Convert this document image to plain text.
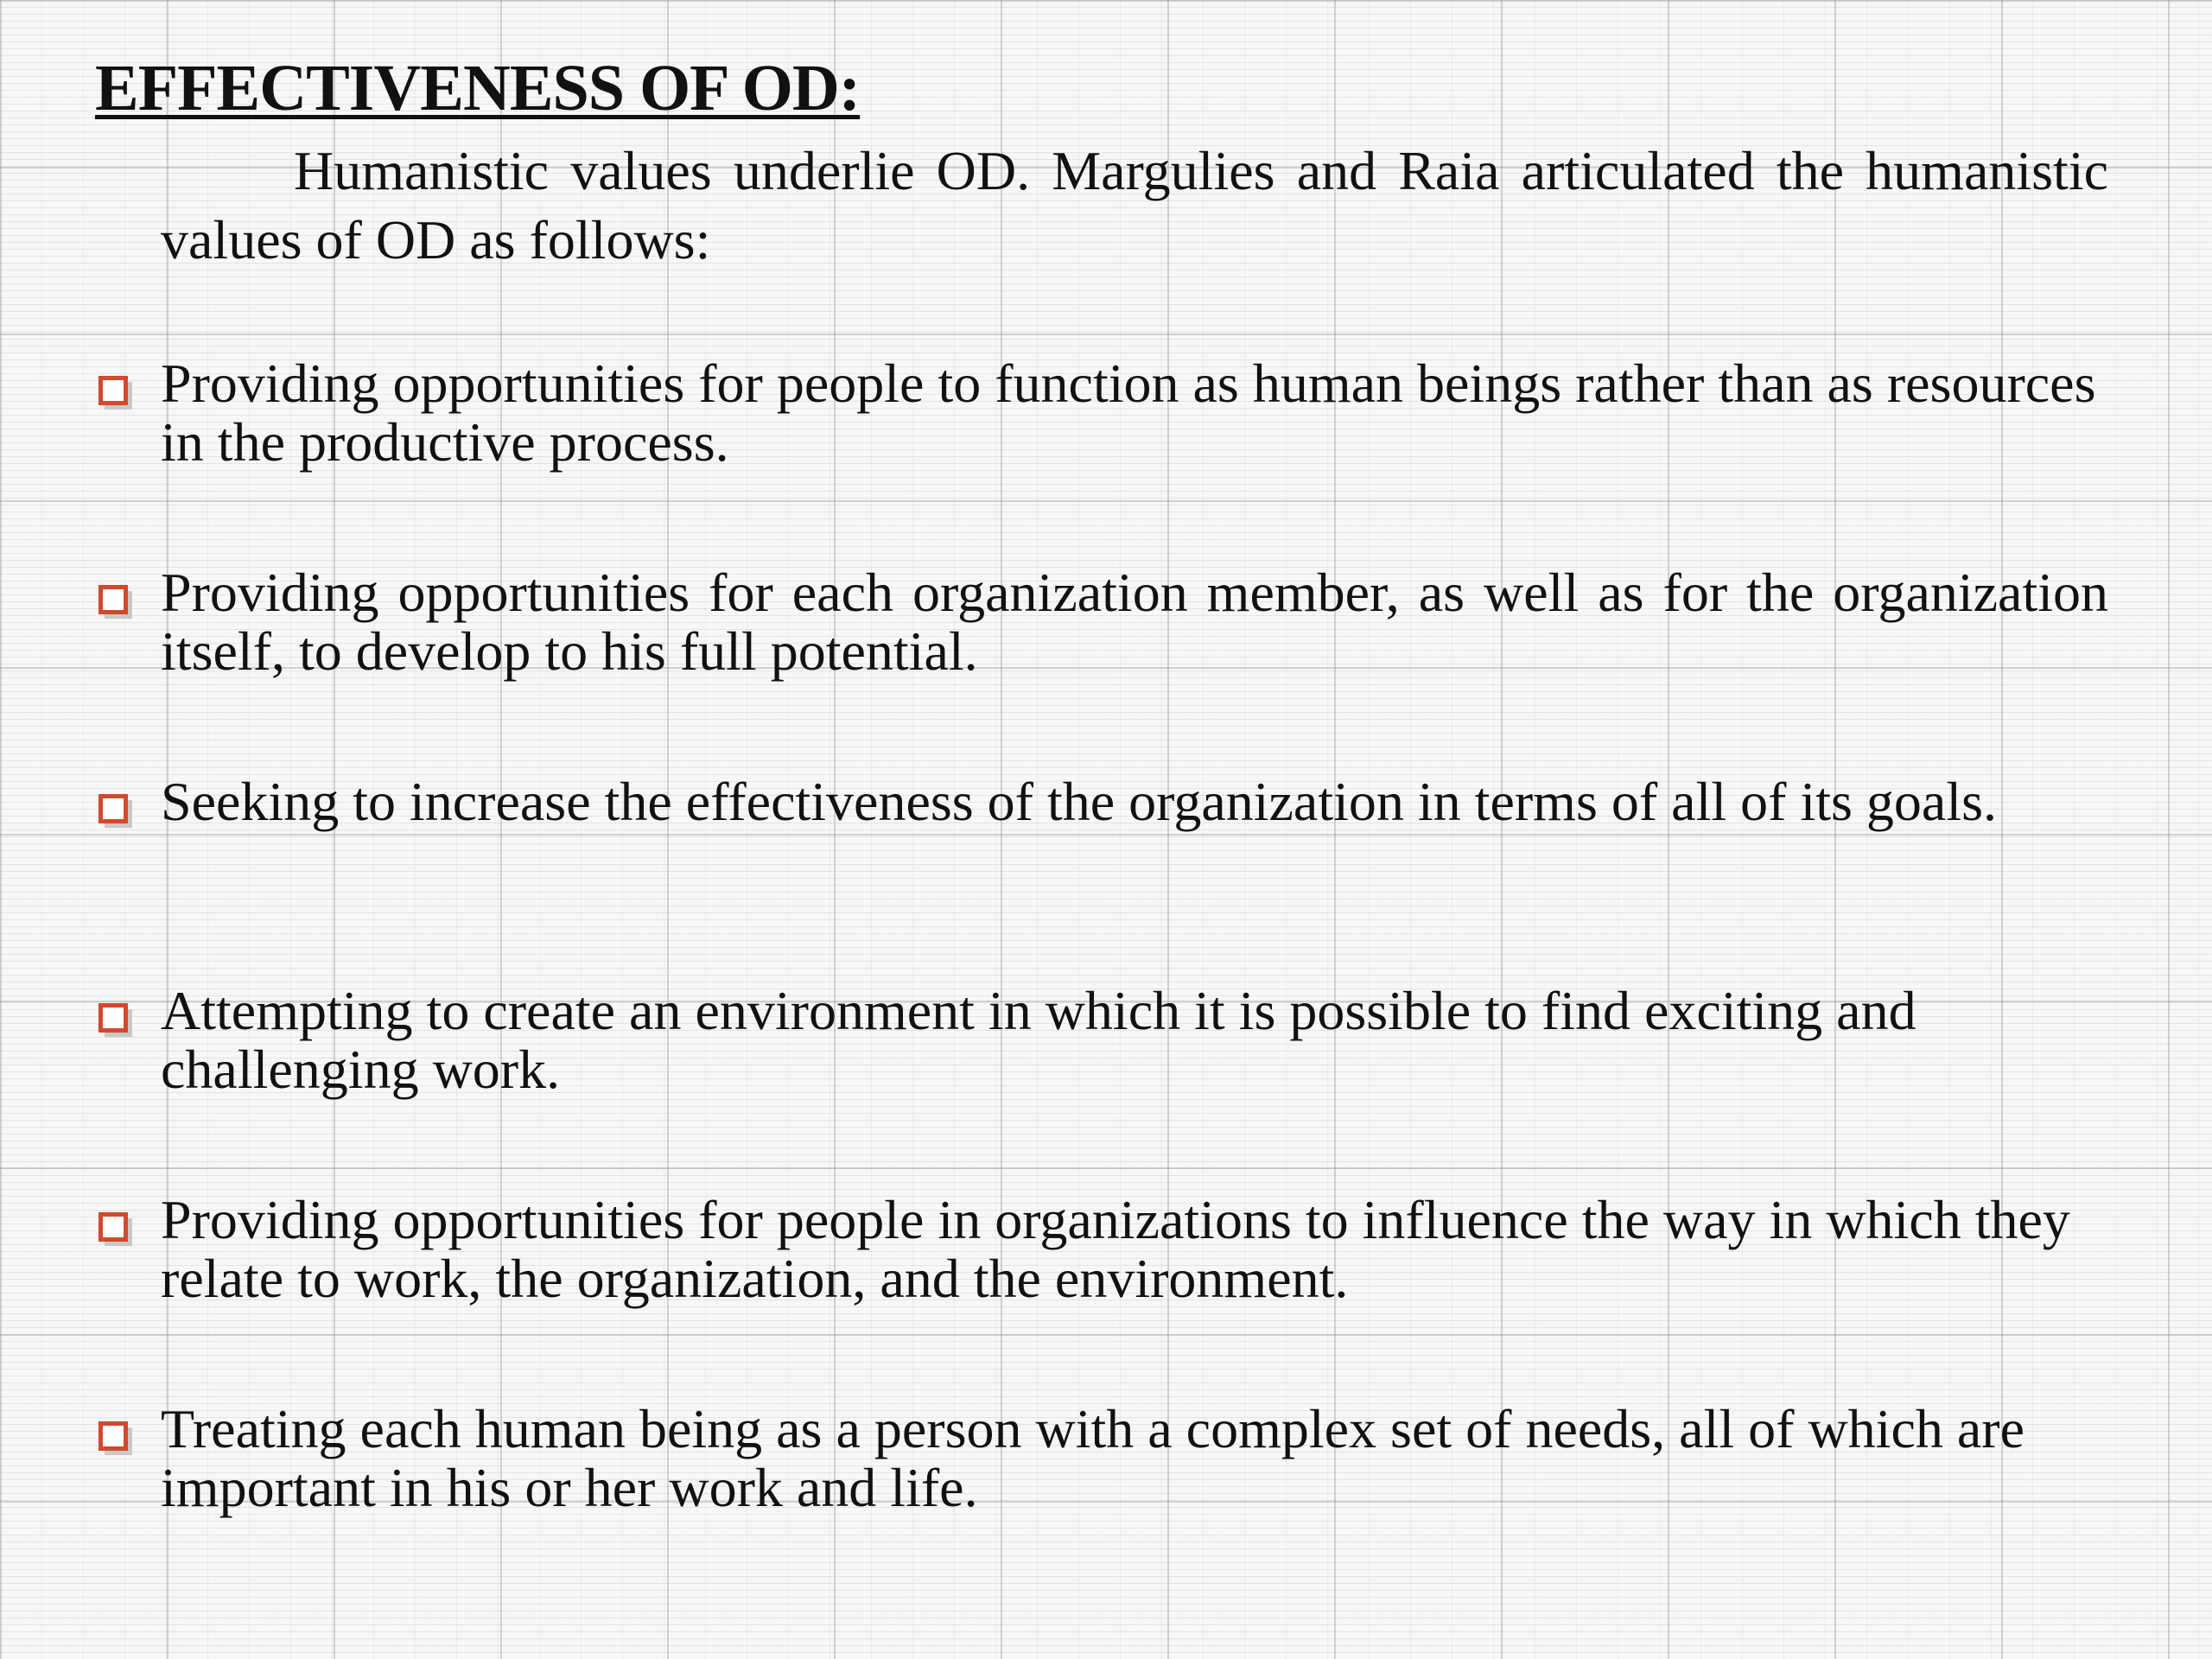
EFFECTIVENESS OF OD:

Humanistic values underlie OD. Margulies and Raia articulated the humanistic values of OD as follows:

Providing opportunities for people to function as human beings rather than as resources in the productive process.

Providing opportunities for each organization member, as well as for the organization itself, to develop to his full potential.

Seeking to increase the effectiveness of the organization in terms of all of its goals.

Attempting to create an environment in which it is possible to find exciting and challenging work.

Providing opportunities for people in organizations to influence the way in which they relate to work, the organization, and the environment.

Treating each human being as a person with a complex set of needs, all of which are important in his or her work and life.
